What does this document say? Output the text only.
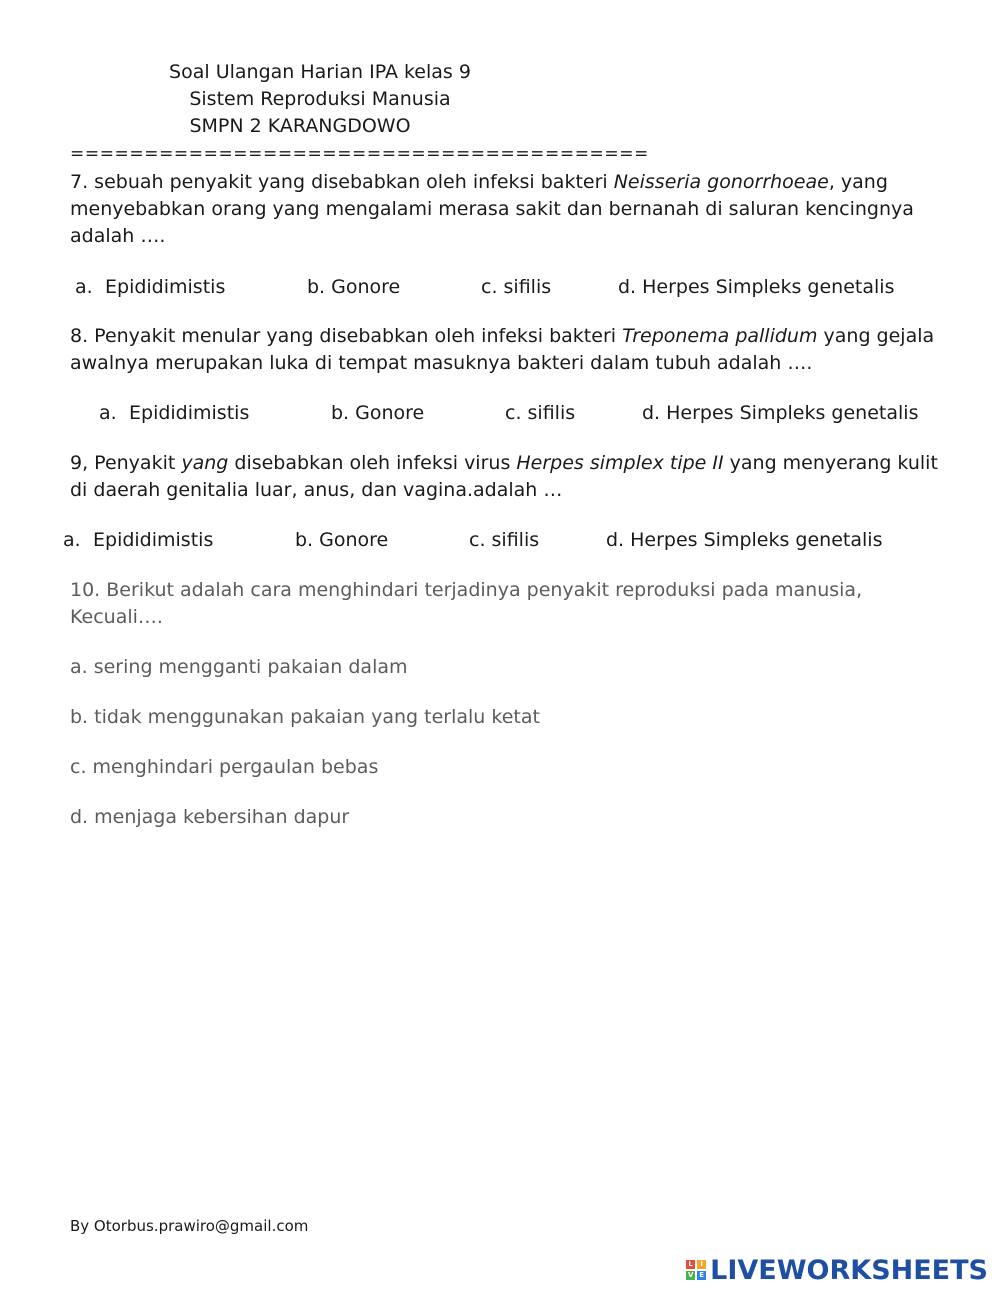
Soal Ulangan Harian IPA kelas 9
Sistem Reproduksi Manusia
SMPN 2 KARANGDOWO
=======================================
7. sebuah penyakit yang disebabkan oleh infeksi bakteri Neisseria gonorrhoeae, yang menyebabkan orang yang mengalami merasa sakit dan bernanah di saluran kencingnya adalah ….
a. Epididimistis	b. Gonore	c. sifilis	d. Herpes Simpleks genetalis
8. Penyakit menular yang disebabkan oleh infeksi bakteri Treponema pallidum yang gejala awalnya merupakan luka di tempat masuknya bakteri dalam tubuh adalah ….
a. Epididimistis	b. Gonore	c. sifilis	d. Herpes Simpleks genetalis
9, Penyakit yang disebabkan oleh infeksi virus Herpes simplex tipe II yang menyerang kulit di daerah genitalia luar, anus, dan vagina.adalah …
a. Epididimistis	b. Gonore	c. sifilis	d. Herpes Simpleks genetalis
10. Berikut adalah cara menghindari terjadinya penyakit reproduksi pada manusia, Kecuali….
a. sering mengganti pakaian dalam
b. tidak menggunakan pakaian yang terlalu ketat
c. menghindari pergaulan bebas
d. menjaga kebersihan dapur
By Otorbus.prawiro@gmail.com
L	I
V E LIVEWORKSHEETS
